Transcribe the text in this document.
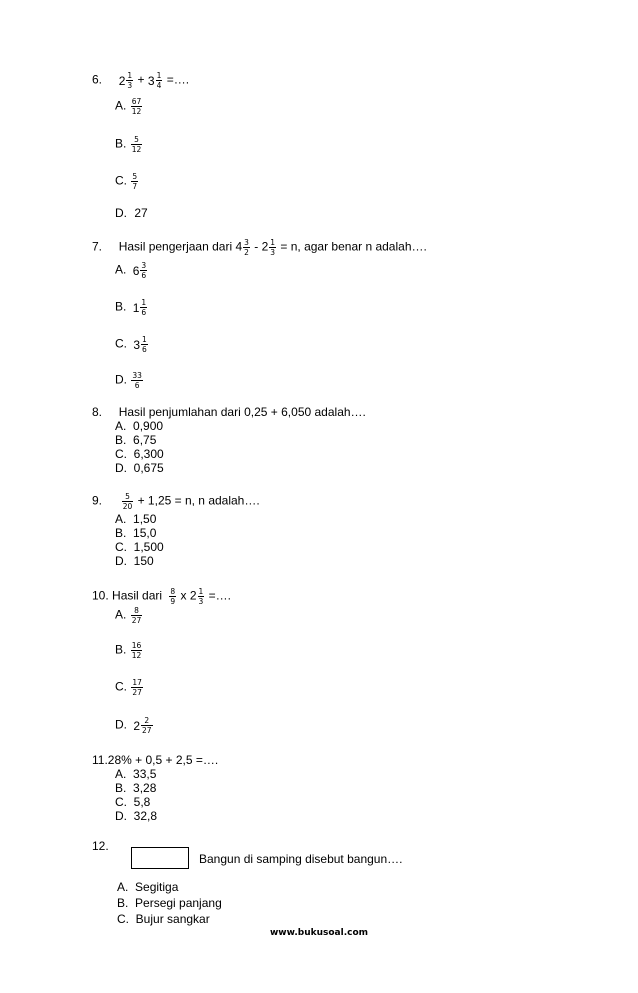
6. $2 \frac{1}{3} + 3 \frac{1}{4}$ =….
A. $\frac{67}{12}$
B. $\frac{5}{12}$
C. $\frac{5}{7}$
D. 27
7. Hasil pengerjaan dari $4 \frac{3}{2} - 2 \frac{1}{3} = n$, agar benar n adalah….
A. $6 \frac{3}{6}$
B. $1 \frac{1}{6}$
C. $3 \frac{1}{6}$
D. $\frac{33}{6}$
8. Hasil penjumlahan dari 0,25 + 6,050 adalah….
A. 0,900
B. 6,75
C. 6,300
D. 0,675
9.	$\frac{5}{20} + 1,25 = n$, n adalah….
A. 1,50
B. 15,0
C. 1,500
D. 150
10. Hasil dari $\frac{8}{9}$ x $2 \frac{1}{3}$ =….
A. $\frac{8}{27}$
B. $\frac{16}{12}$
C. $\frac{17}{27}$
D. $2 \frac{2}{27}$
11.28% + 0,5 + 2,5 =….
A. 33,5
B. 3,28
C. 5,8
D. 32,8
12.
Bangun di samping disebut bangun….
A. Segitiga
B. Persegi panjang
C. Bujur sangkar
www.bukusoal.com
